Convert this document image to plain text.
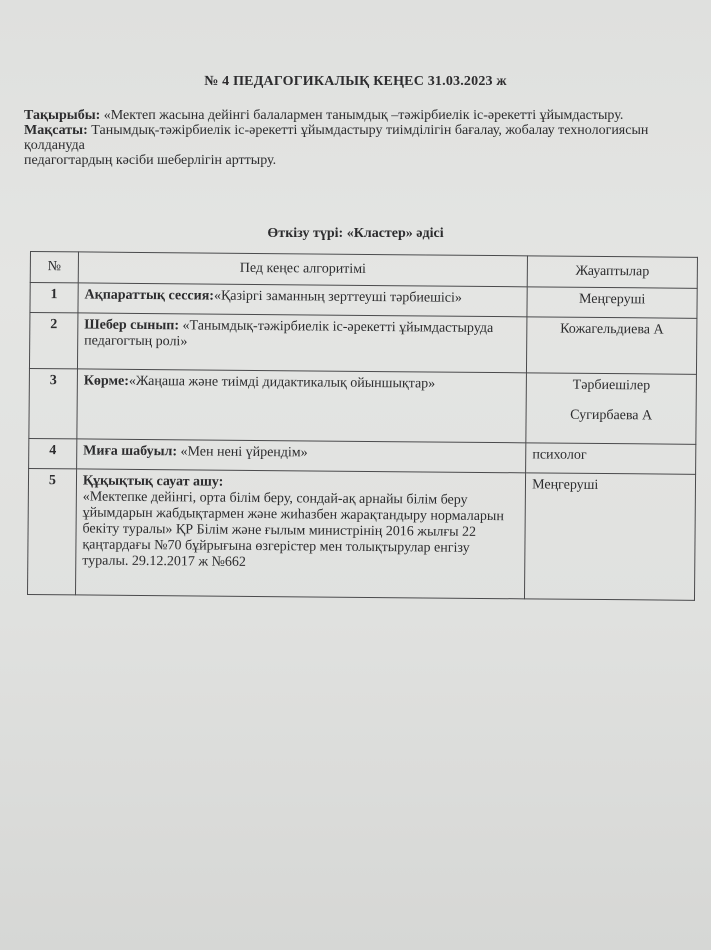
№ 4 ПЕДАГОГИКАЛЫҚ КЕҢЕС 31.03.2023 ж

Тақырыбы: «Мектеп жасына дейінгі балалармен танымдық –тәжірбиелік іс-әрекетті ұйымдастыру.

Мақсаты: Танымдық-тәжірбиелік іс-әрекетті ұйымдастыру тиімділігін бағалау, жобалау технологиясын қолдануда

педагогтардың кәсіби шеберлігін арттыру.

Өткізу түрі: «Кластер» әдісі
№	Пед кеңес алгоритімі	Жауаптылар
1	Ақпараттық сессия:«Қазіргі заманның зерттеуші тәрбиешісі»	Меңгеруші
2	Шебер сынып: «Танымдық-тәжірбиелік іс-әрекетті ұйымдастыруда педагогтың ролі»	Кожагельдиева А
3	Көрме:«Жаңаша және тиімді дидактикалық ойыншықтар»	Тәрбиешілер
Сугирбаева А

4	Миға шабуыл: «Мен нені үйрендім»	психолог
5	Құқықтық сауат ашу:
«Мектепке дейінгі, орта білім беру, сондай-ақ арнайы білім беру ұйымдарын жабдықтармен және жиһазбен жарақтандыру нормаларын бекіту туралы» ҚР Білім және ғылым министрінің 2016 жылғы 22 қаңтардағы №70 бұйрығына өзгерістер мен толықтырулар енгізу туралы. 29.12.2017 ж №662	Меңгеруші
